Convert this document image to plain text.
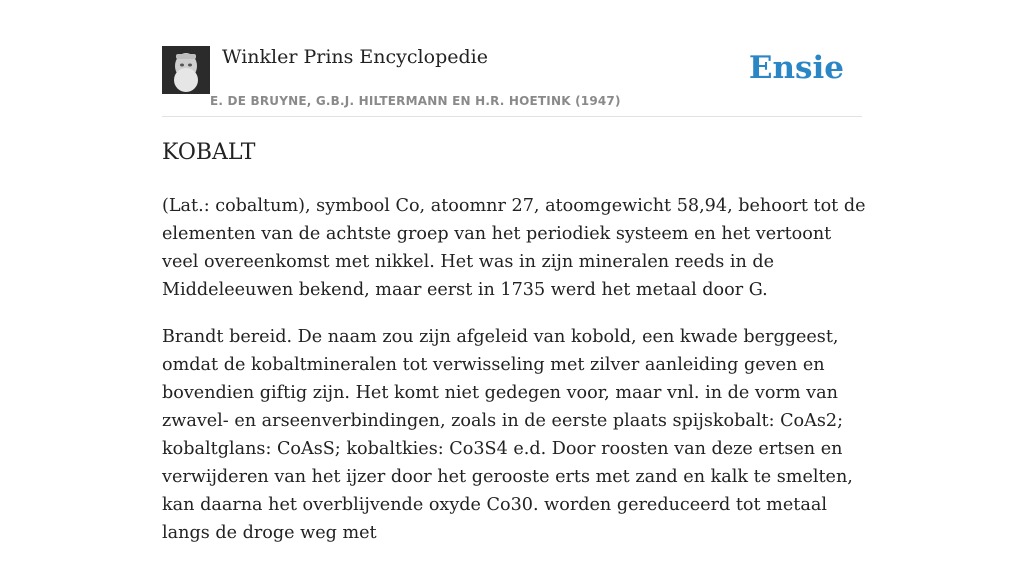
Winkler Prins Encyclopedie
E. DE BRUYNE, G.B.J. HILTERMANN EN H.R. HOETINK (1947)
Ensie
KOBALT

(Lat.: cobaltum), symbool Co, atoomnr 27, atoomgewicht 58,94, behoort tot de elementen van de achtste groep van het periodiek systeem en het vertoont veel overeenkomst met nikkel. Het was in zijn mineralen reeds in de Middeleeuwen bekend, maar eerst in 1735 werd het metaal door G.

Brandt bereid. De naam zou zijn afgeleid van kobold, een kwade berggeest, omdat de kobaltmineralen tot verwisseling met zilver aanleiding geven en bovendien giftig zijn. Het komt niet gedegen voor, maar vnl. in de vorm van zwavel- en arseenverbindingen, zoals in de eerste plaats spijskobalt: CoAs2; kobaltglans: CoAsS; kobaltkies: Co3S4 e.d. Door roosten van deze ertsen en verwijderen van het ijzer door het gerooste erts met zand en kalk te smelten, kan daarna het overblijvende oxyde Co30. worden gereduceerd tot metaal langs de droge weg met
